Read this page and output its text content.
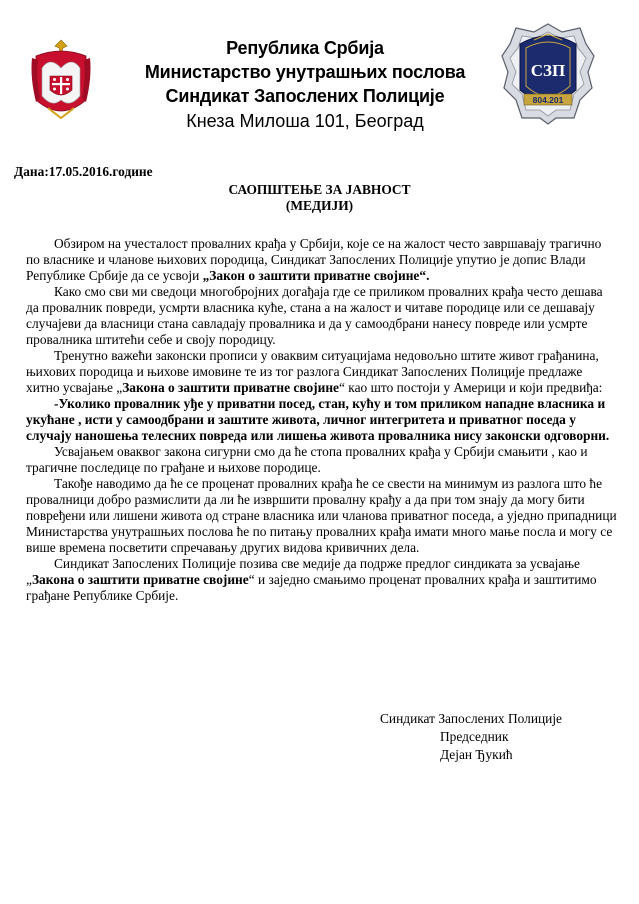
Република Србија
Министарство унутрашњих послова
Синдикат Запослених Полиције
Кнеза Милоша 101, Београд
СЗП
804.201
Дана:17.05.2016.године
САОПШТЕЊЕ ЗА ЈАВНОСТ
(МЕДИЈИ)

Обзиром на учесталост провалних крађа у Србији, које се на жалост често завршавају трагично по власнике и чланове њихових породица, Синдикат Запослених Полиције упутио је допис Влади Републике Србије да се усвоји „Закон о заштити приватне својине“.

Како смо сви ми сведоци многобројних догађаја где се приликом провалних крађа често дешава да провалник повреди, усмрти власника куће, стана а на жалост и читаве породице или се дешавају случајеви да власници стана савладају провалника и да у самоодбрани нанесу повреде или усмрте провалника штитећи себе и своју породицу.

Тренутно важећи законски прописи у оваквим ситуацијама недовољно штите живот грађанина, њихових породица и њихове имовине те из тог разлога Синдикат Запослених Полиције предлаже хитно усвајање „Закона о заштити приватне својине“ као што постоји у Америци и који предвиђа:

-Уколико провалник уђе у приватни посед, стан, кућу и том приликом нападне власника и укућане , исти у самоодбрани и заштите живота, личног интегритета и приватног поседа у случају наношења телесних повреда или лишења живота провалника нису законски одговорни.

Усвајањем оваквог закона сигурни смо да ће стопа провалних крађа у Србији смањити , као и трагичне последице по грађане и њихове породице.

Такође наводимо да ће се проценат провалних крађа ће се свести на минимум из разлога што ће провалници добро размислити да ли ће извршити провалну крађу а да при том знају да могу бити повређени или лишени живота од стране власника или чланова приватног поседа, а уједно припадници Министарства унутрашњих послова ће по питању провалних крађа имати много мање посла и могу се више времена посветити спречавању других видова кривичних дела.

Синдикат Запослених Полиције позива све медије да подрже предлог синдиката за усвајање „Закона о заштити приватне својине“ и заједно смањимо проценат провалних крађа и заштитимо грађане Републике Србије.

Синдикат Запослених Полиције
Председник
Дејан Ђукић
